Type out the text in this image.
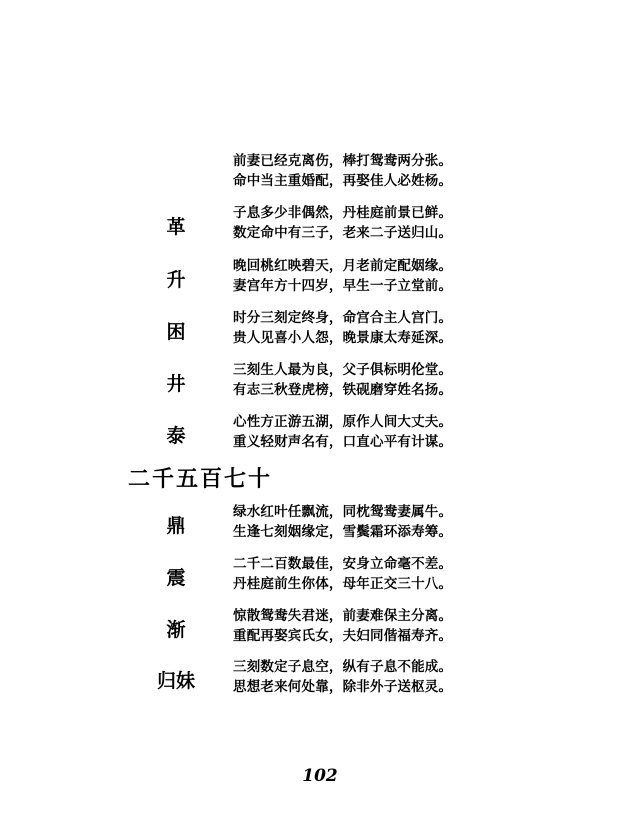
前妻已经克离伤，棒打鸳鸯两分张。
命中当主重婚配，再娶佳人必姓杨。
革
子息多少非偶然，丹桂庭前景已鲜。
数定命中有三子，老来二子送归山。
升
晚回桃红映碧天，月老前定配姻缘。
妻宫年方十四岁，早生一子立堂前。
困
时分三刻定终身，命宫合主人宫门。
贵人见喜小人怨，晚景康太寿延深。
井
三刻生人最为良，父子俱标明伦堂。
有志三秋登虎榜，铁砚磨穿姓名扬。
泰
心性方正游五湖，原作人间大丈夫。
重义轻财声名有，口直心平有计谋。
二千五百七十
鼎
绿水红叶任飘流，同枕鸳鸯妻属牛。
生逢七刻姻缘定，雪鬓霜环添寿筹。
震
二千二百数最佳，安身立命毫不差。
丹桂庭前生你体，母年正交三十八。
渐
惊散鸳鸯失君迷，前妻难保主分离。
重配再娶宾氏女，夫妇同偕福寿齐。
归妹
三刻数定子息空，纵有子息不能成。
思想老来何处靠，除非外子送枢灵。
102
